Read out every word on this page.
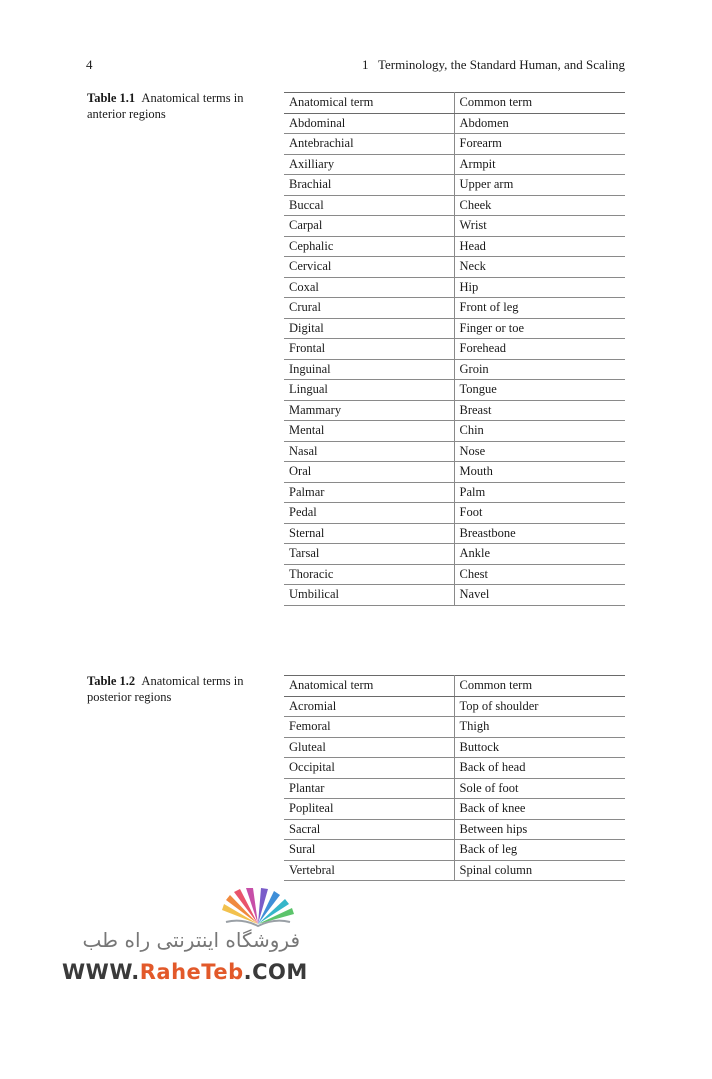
4	1   Terminology, the Standard Human, and Scaling
Table 1.1 Anatomical terms in anterior regions
Anatomical term	Common term
Abdominal	Abdomen
Antebrachial	Forearm
Axilliary	Armpit
Brachial	Upper arm
Buccal	Cheek
Carpal	Wrist
Cephalic	Head
Cervical	Neck
Coxal	Hip
Crural	Front of leg
Digital	Finger or toe
Frontal	Forehead
Inguinal	Groin
Lingual	Tongue
Mammary	Breast
Mental	Chin
Nasal	Nose
Oral	Mouth
Palmar	Palm
Pedal	Foot
Sternal	Breastbone
Tarsal	Ankle
Thoracic	Chest
Umbilical	Navel
Table 1.2 Anatomical terms in posterior regions
Anatomical term	Common term
Acromial	Top of shoulder
Femoral	Thigh
Gluteal	Buttock
Occipital	Back of head
Plantar	Sole of foot
Popliteal	Back of knee
Sacral	Between hips
Sural	Back of leg
Vertebral	Spinal column
فروشگاه اینترنتی راه طب
WWW.RaheTeb.COM
